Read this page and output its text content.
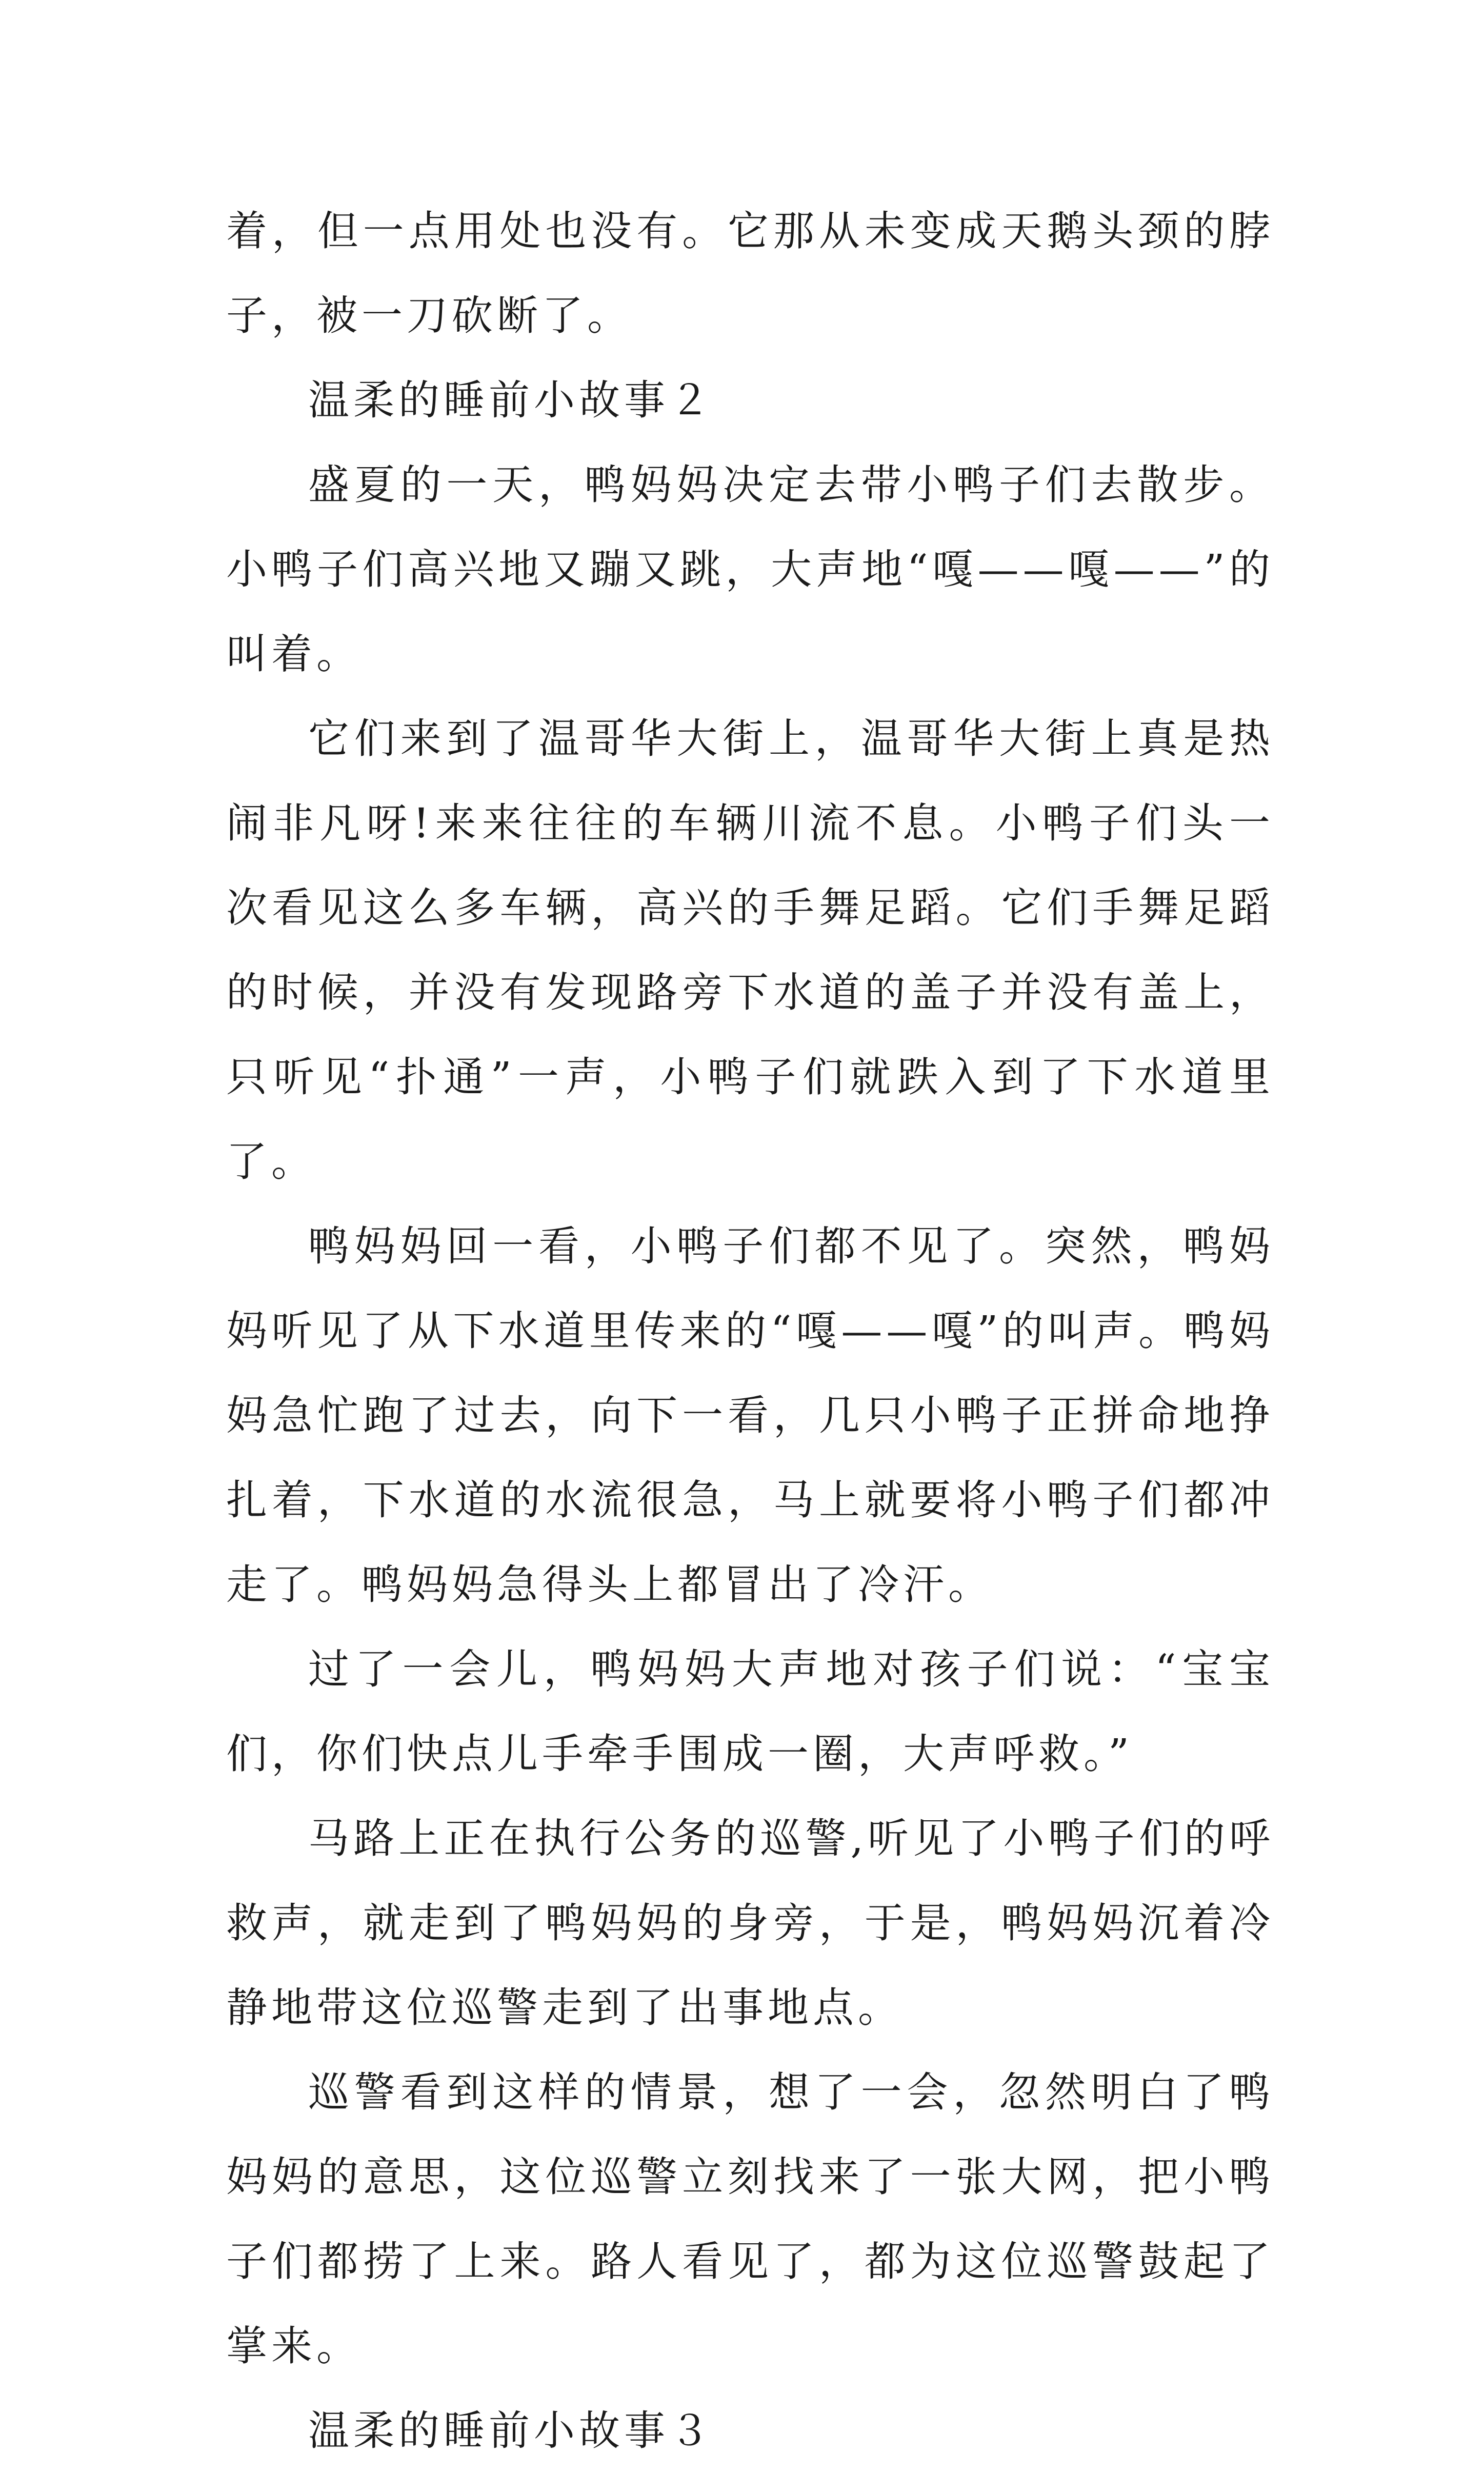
着，但一点用处也没有。它那从未变成天鹅头颈的脖子，被一刀砍断了。

温柔的睡前小故事２

盛夏的一天，鸭妈妈决定去带小鸭子们去散步。小鸭子们高兴地又蹦又跳，大声地“嘎——嘎——”的叫着。

它们来到了温哥华大街上，温哥华大街上真是热闹非凡呀!来来往往的车辆川流不息。小鸭子们头一次看见这么多车辆，高兴的手舞足蹈。它们手舞足蹈的时候，并没有发现路旁下水道的盖子并没有盖上，只听见“扑通”一声，小鸭子们就跌入到了下水道里了。

鸭妈妈回一看，小鸭子们都不见了。突然，鸭妈妈听见了从下水道里传来的“嘎——嘎”的叫声。鸭妈妈急忙跑了过去，向下一看，几只小鸭子正拼命地挣扎着，下水道的水流很急，马上就要将小鸭子们都冲走了。鸭妈妈急得头上都冒出了冷汗。

过了一会儿，鸭妈妈大声地对孩子们说：“宝宝们，你们快点儿手牵手围成一圈，大声呼救。”

马路上正在执行公务的巡警,听见了小鸭子们的呼救声，就走到了鸭妈妈的身旁，于是，鸭妈妈沉着冷静地带这位巡警走到了出事地点。

巡警看到这样的情景，想了一会，忽然明白了鸭妈妈的意思，这位巡警立刻找来了一张大网，把小鸭子们都捞了上来。路人看见了，都为这位巡警鼓起了掌来。

温柔的睡前小故事３
